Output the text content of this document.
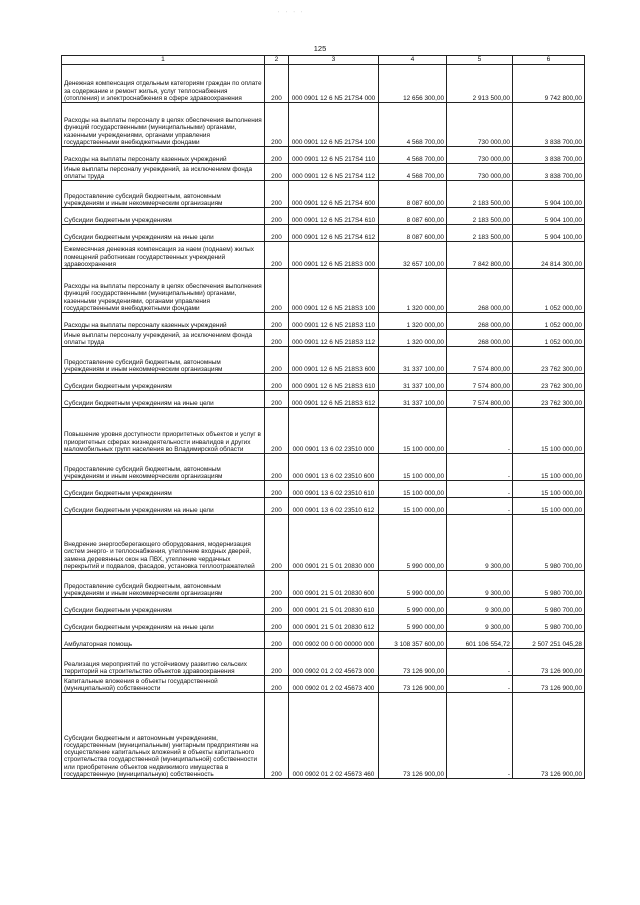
˙ ˙ ˙ ˙
125
1	2	3	4	5	6
Денежная компенсация отдельным категориям граждан по оплате за содержание и ремонт жилья, услуг теплоснабжения (отопления) и электроснабжения в сфере здравоохранения	200	000 0901 12 6 N5 217S4 000	12 656 300,00	2 913 500,00	9 742 800,00
Расходы на выплаты персоналу в целях обеспечения выполнения функций государственными (муниципальными) органами, казенными учреждениями, органами управления государственными внебюджетными фондами	200	000 0901 12 6 N5 217S4 100	4 568 700,00	730 000,00	3 838 700,00
Расходы на выплаты персоналу казенных учреждений	200	000 0901 12 6 N5 217S4 110	4 568 700,00	730 000,00	3 838 700,00
Иные выплаты персоналу учреждений, за исключением фонда оплаты труда	200	000 0901 12 6 N5 217S4 112	4 568 700,00	730 000,00	3 838 700,00
Предоставление субсидий бюджетным, автономным учреждениям и иным некоммерческим организациям	200	000 0901 12 6 N5 217S4 600	8 087 600,00	2 183 500,00	5 904 100,00
Субсидии бюджетным учреждениям	200	000 0901 12 6 N5 217S4 610	8 087 600,00	2 183 500,00	5 904 100,00
Субсидии бюджетным учреждениям на иные цели	200	000 0901 12 6 N5 217S4 612	8 087 600,00	2 183 500,00	5 904 100,00
Ежемесячная денежная компенсация за наем (поднаем) жилых помещений работникам государственных учреждений здравоохранения	200	000 0901 12 6 N5 218S3 000	32 657 100,00	7 842 800,00	24 814 300,00
Расходы на выплаты персоналу в целях обеспечения выполнения функций государственными (муниципальными) органами, казенными учреждениями, органами управления государственными внебюджетными фондами	200	000 0901 12 6 N5 218S3 100	1 320 000,00	268 000,00	1 052 000,00
Расходы на выплаты персоналу казенных учреждений	200	000 0901 12 6 N5 218S3 110	1 320 000,00	268 000,00	1 052 000,00
Иные выплаты персоналу учреждений, за исключением фонда оплаты труда	200	000 0901 12 6 N5 218S3 112	1 320 000,00	268 000,00	1 052 000,00
Предоставление субсидий бюджетным, автономным учреждениям и иным некоммерческим организациям	200	000 0901 12 6 N5 218S3 600	31 337 100,00	7 574 800,00	23 762 300,00
Субсидии бюджетным учреждениям	200	000 0901 12 6 N5 218S3 610	31 337 100,00	7 574 800,00	23 762 300,00
Субсидии бюджетным учреждениям на иные цели	200	000 0901 12 6 N5 218S3 612	31 337 100,00	7 574 800,00	23 762 300,00
Повышение уровня доступности приоритетных объектов и услуг в приоритетных сферах жизнедеятельности инвалидов и других маломобильных групп населения во Владимирской области	200	000 0901 13 6 02 23510 000	15 100 000,00	-	15 100 000,00
Предоставление субсидий бюджетным, автономным учреждениям и иным некоммерческим организациям	200	000 0901 13 6 02 23510 600	15 100 000,00	-	15 100 000,00
Субсидии бюджетным учреждениям	200	000 0901 13 6 02 23510 610	15 100 000,00	-	15 100 000,00
Субсидии бюджетным учреждениям на иные цели	200	000 0901 13 6 02 23510 612	15 100 000,00	-	15 100 000,00
Внедрение энергосберегающего оборудования, модернизация систем энерго- и теплоснабжения, утепление входных дверей, замена деревянных окон на ПВХ, утепление чердачных перекрытий и подвалов, фасадов, установка теплоотражателей	200	000 0901 21 5 01 20830 000	5 990 000,00	9 300,00	5 980 700,00
Предоставление субсидий бюджетным, автономным учреждениям и иным некоммерческим организациям	200	000 0901 21 5 01 20830 600	5 990 000,00	9 300,00	5 980 700,00
Субсидии бюджетным учреждениям	200	000 0901 21 5 01 20830 610	5 990 000,00	9 300,00	5 980 700,00
Субсидии бюджетным учреждениям на иные цели	200	000 0901 21 5 01 20830 612	5 990 000,00	9 300,00	5 980 700,00
Амбулаторная помощь	200	000 0902 00 0 00 00000 000	3 108 357 600,00	601 106 554,72	2 507 251 045,28
Реализация мероприятий по устойчивому развитию сельских территорий на строительство объектов здравоохранения	200	000 0902 01 2 02 45673 000	73 126 900,00	-	73 126 900,00
Капитальные вложения в объекты государственной (муниципальной) собственности	200	000 0902 01 2 02 45673 400	73 126 900,00	-	73 126 900,00
Субсидии бюджетным и автономным учреждениям, государственным (муниципальным) унитарным предприятиям на осуществление капитальных вложений в объекты капитального строительства государственной (муниципальной) собственности или приобретение объектов недвижимого имущества в государственную (муниципальную) собственность	200	000 0902 01 2 02 45673 460	73 126 900,00	-	73 126 900,00
